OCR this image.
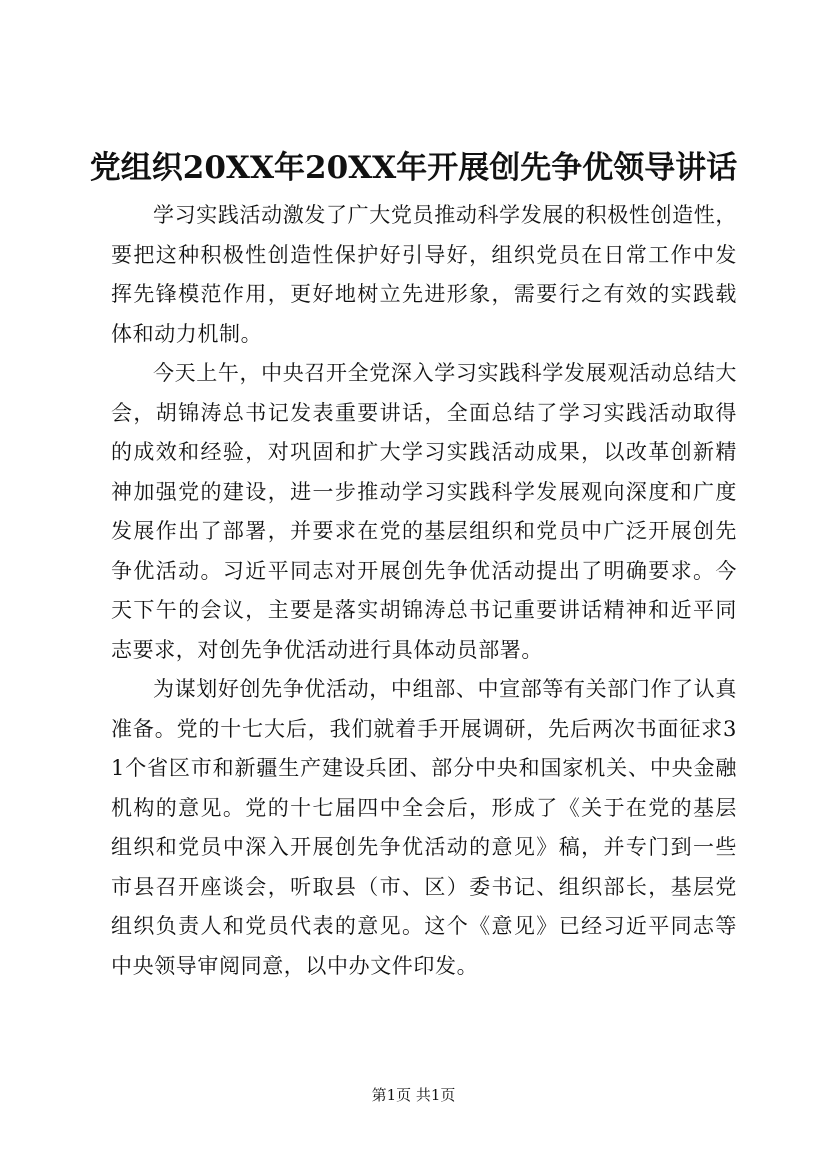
党组织20XX年20XX年开展创先争优领导讲话

学习实践活动激发了广大党员推动科学发展的积极性创造性，要把这种积极性创造性保护好引导好，组织党员在日常工作中发挥先锋模范作用，更好地树立先进形象，需要行之有效的实践载体和动力机制。

今天上午，中央召开全党深入学习实践科学发展观活动总结大会，胡锦涛总书记发表重要讲话，全面总结了学习实践活动取得的成效和经验，对巩固和扩大学习实践活动成果，以改革创新精神加强党的建设，进一步推动学习实践科学发展观向深度和广度发展作出了部署，并要求在党的基层组织和党员中广泛开展创先争优活动。习近平同志对开展创先争优活动提出了明确要求。今天下午的会议，主要是落实胡锦涛总书记重要讲话精神和近平同志要求，对创先争优活动进行具体动员部署。

为谋划好创先争优活动，中组部、中宣部等有关部门作了认真准备。党的十七大后，我们就着手开展调研，先后两次书面征求31个省区市和新疆生产建设兵团、部分中央和国家机关、中央金融机构的意见。党的十七届四中全会后，形成了《关于在党的基层组织和党员中深入开展创先争优活动的意见》稿，并专门到一些市县召开座谈会，听取县（市、区）委书记、组织部长，基层党组织负责人和党员代表的意见。这个《意见》已经习近平同志等中央领导审阅同意，以中办文件印发。

第1页 共1页
